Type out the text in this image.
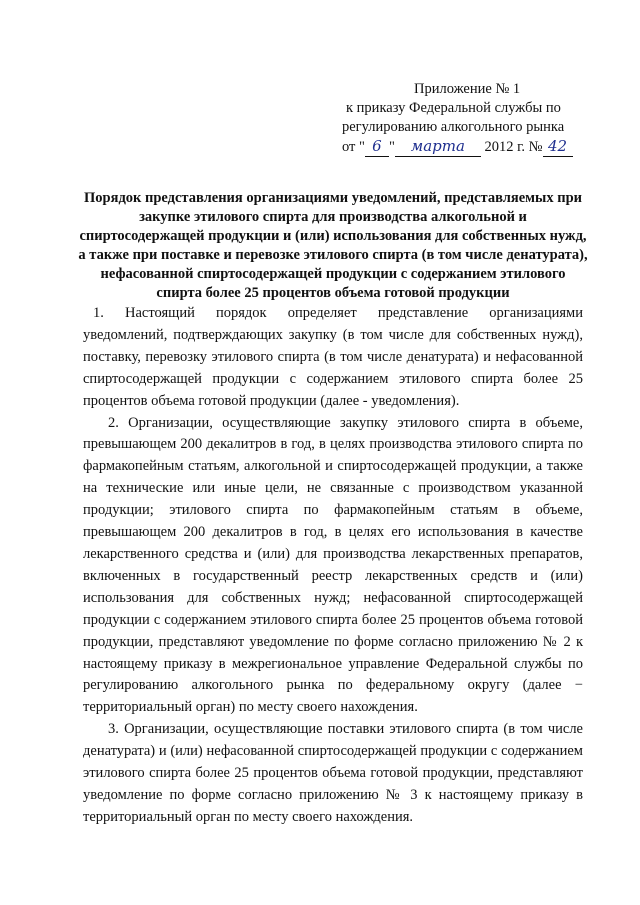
Приложение № 1
к приказу Федеральной службы по
регулированию алкогольного рынка
от " 6 " марта 2012 г. № 42
Порядок представления организациями уведомлений, представляемых при закупке этилового спирта для производства алкогольной и спиртосодержащей продукции и (или) использования для собственных нужд, а также при поставке и перевозке этилового спирта (в том числе денатурата), нефасованной спиртосодержащей продукции с содержанием этилового спирта более 25 процентов объема готовой продукции

1. Настоящий порядок определяет представление организациями уведомлений, подтверждающих закупку (в том числе для собственных нужд), поставку, перевозку этилового спирта (в том числе денатурата) и нефасованной спиртосодержащей продукции с содержанием этилового спирта более 25 процентов объема готовой продукции (далее - уведомления).

2. Организации, осуществляющие закупку этилового спирта в объеме, превышающем 200 декалитров в год, в целях производства этилового спирта по фармакопейным статьям, алкогольной и спиртосодержащей продукции, а также на технические или иные цели, не связанные с производством указанной продукции; этилового спирта по фармакопейным статьям в объеме, превышающем 200 декалитров в год, в целях его использования в качестве лекарственного средства и (или) для производства лекарственных препаратов, включенных в государственный реестр лекарственных средств и (или) использования для собственных нужд; нефасованной спиртосодержащей продукции с содержанием этилового спирта более 25 процентов объема готовой продукции, представляют уведомление по форме согласно приложению № 2 к настоящему приказу в межрегиональное управление Федеральной службы по регулированию алкогольного рынка по федеральному округу (далее − территориальный орган) по месту своего нахождения.

3. Организации, осуществляющие поставки этилового спирта (в том числе денатурата) и (или) нефасованной спиртосодержащей продукции с содержанием этилового спирта более 25 процентов объема готовой продукции, представляют уведомление по форме согласно приложению № 3 к настоящему приказу в территориальный орган по месту своего нахождения.
